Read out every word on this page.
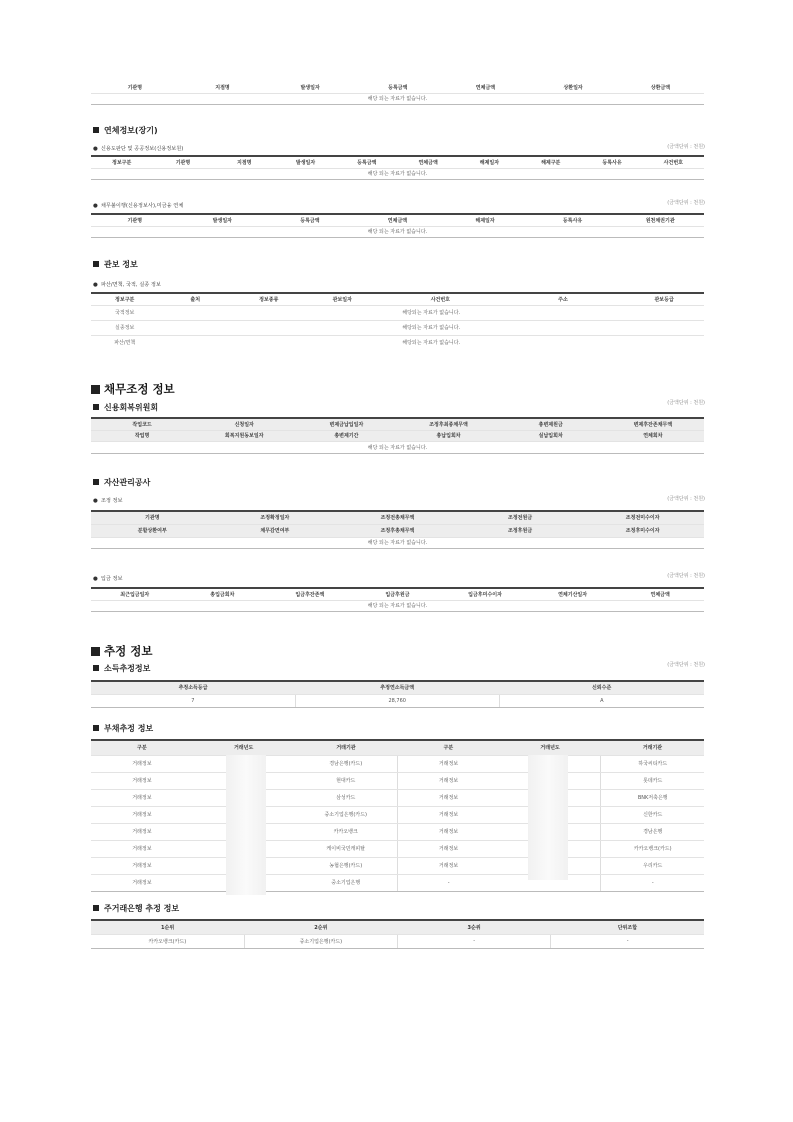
기관명	지점명	발생일자	등록금액	연체금액	상환일자	상환금액
해당 되는 자료가 없습니다.
연체정보(장기)
● 신용도판단 및 공공정보(신용정보원)	(금액단위 : 천원)
정보구분	기관명	지점명	발생일자	등록금액	연체금액	해제일자	해제구분	등록사유	사건번호
해당 되는 자료가 없습니다.
● 채무불이행(신용정보사),미금융 연체	(금액단위 : 천원)
기관명	발생일자	등록금액	연체금액	해제일자	등록사유	원천채권기관
해당 되는 자료가 없습니다.
관보 정보
● 파산/면책, 국적, 실종 정보
정보구분	출처	정보종류	관보일자	사건번호	주소	관보등급
국적정보	해당되는 자료가 없습니다.					
실종정보	해당되는 자료가 없습니다.					
파산/면책	해당되는 자료가 없습니다.					
채무조정 정보
신용회복위원회	(금액단위 : 천원)
작업코드	신청일자	변제금납입일자	조정후최종채무액	총변제원금	변제후잔존채무액
작업명	회복지원동보일자	총변제기간	총납입회차	실납입회차	연체회차
해당 되는 자료가 없습니다.					
자산관리공사
● 조정 정보	(금액단위 : 천원)
기관명	조정확정일자	조정전총채무액	조정전원금	조정전미수이자
분할상환여부	채무감면여부	조정후총채무액	조정후원금	조정후미수이자
해당 되는 자료가 없습니다.				
● 입금 정보	(금액단위 : 천원)
최근입금일자	총입금회차	입금후잔존액	입금후원금	입금후미수이자	연체기산일자	연체금액
해당 되는 자료가 없습니다.
추정 정보
소득추정정보	(금액단위 : 천원)
추정소득등급	추정연소득금액	신뢰수준
7	28,760	A
부채추정 정보
구분	거래년도	거래기관	구분	거래년도	거래기관
거래정보		경남은행(카드)	거래정보		하국씨티카드
거래정보		현대카드	거래정보		롯데카드
거래정보		삼성카드	거래정보		BNK저축은행
거래정보		중소기업은행(카드)	거래정보		신한카드
거래정보		카카오뱅크	거래정보		경남은행
거래정보		케이비국민캐피탈	거래정보		카카오뱅크(카드)
거래정보		농협은행(카드)	거래정보		우리카드
거래정보		중소기업은행	-		-
주거래은행 추정 정보
1순위	2순위	3순위	단위조합
카카오뱅크(카드)	중소기업은행(카드)	-	-
